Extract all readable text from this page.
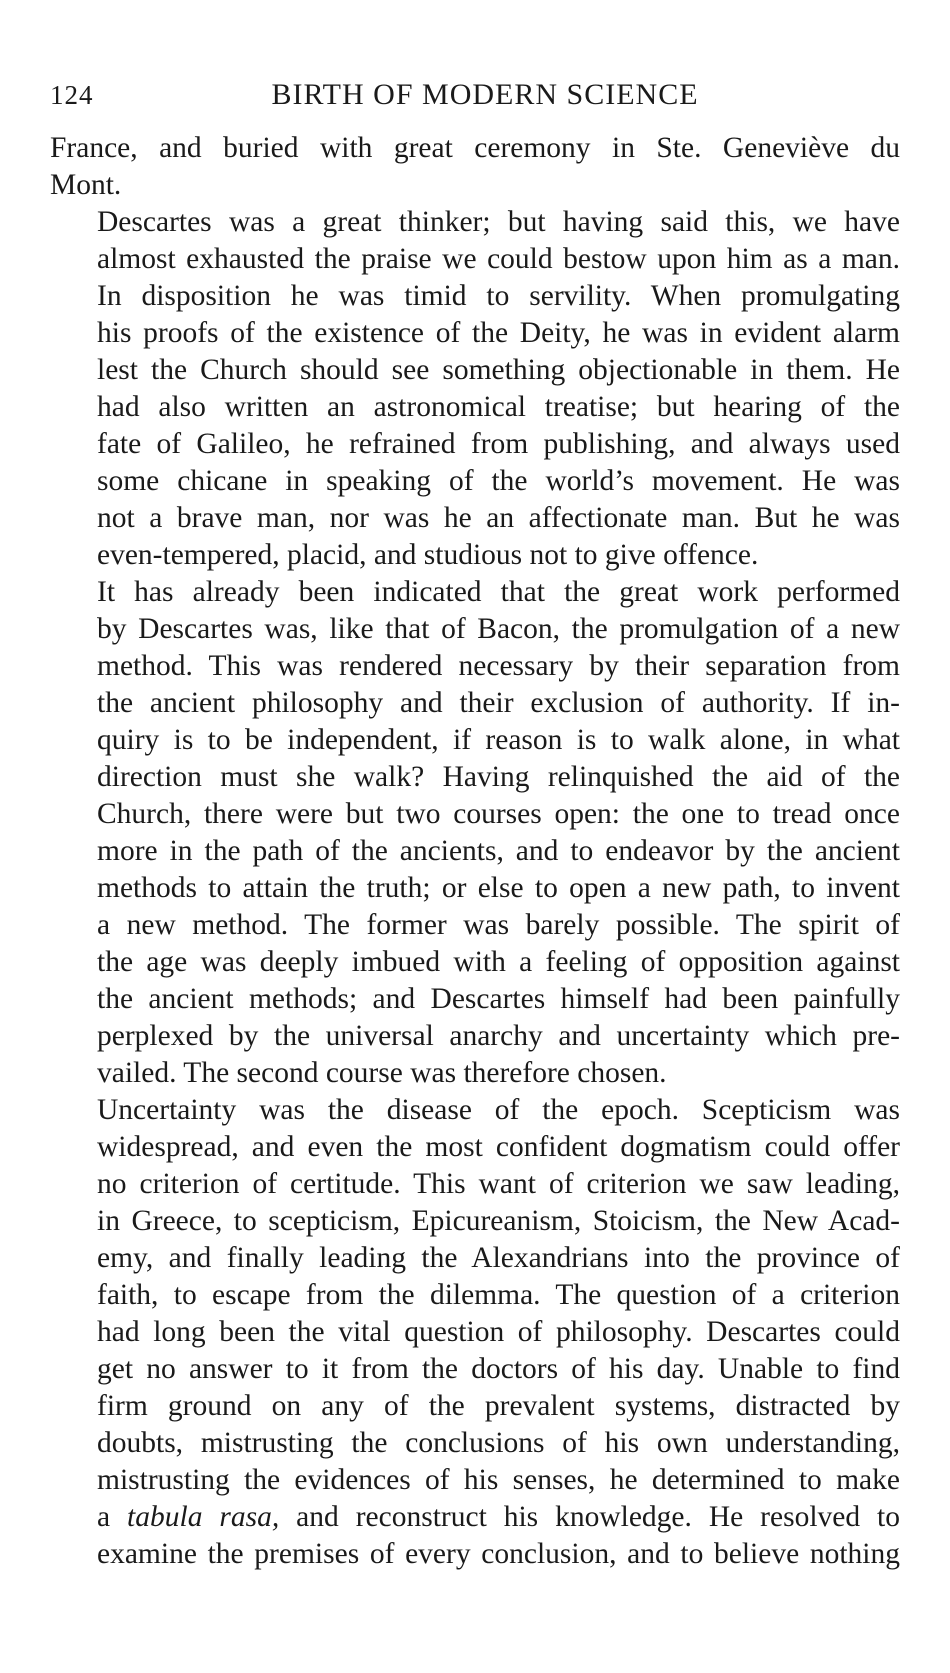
124	BIRTH OF MODERN SCIENCE

France, and buried with great ceremony in Ste. Geneviève du
Mont.

Descartes was a great thinker; but having said this, we have
almost exhausted the praise we could bestow upon him as a man.
In disposition he was timid to servility. When promulgating
his proofs of the existence of the Deity, he was in evident alarm
lest the Church should see something objectionable in them. He
had also written an astronomical treatise; but hearing of the
fate of Galileo, he refrained from publishing, and always used
some chicane in speaking of the world’s movement. He was
not a brave man, nor was he an affectionate man. But he was
even-tempered, placid, and studious not to give offence.

It has already been indicated that the great work performed
by Descartes was, like that of Bacon, the promulgation of a new
method. This was rendered necessary by their separation from
the ancient philosophy and their exclusion of authority. If in-
quiry is to be independent, if reason is to walk alone, in what
direction must she walk? Having relinquished the aid of the
Church, there were but two courses open: the one to tread once
more in the path of the ancients, and to endeavor by the ancient
methods to attain the truth; or else to open a new path, to invent
a new method. The former was barely possible. The spirit of
the age was deeply imbued with a feeling of opposition against
the ancient methods; and Descartes himself had been painfully
perplexed by the universal anarchy and uncertainty which pre-
vailed. The second course was therefore chosen.

Uncertainty was the disease of the epoch. Scepticism was
widespread, and even the most confident dogmatism could offer
no criterion of certitude. This want of criterion we saw leading,
in Greece, to scepticism, Epicureanism, Stoicism, the New Acad-
emy, and finally leading the Alexandrians into the province of
faith, to escape from the dilemma. The question of a criterion
had long been the vital question of philosophy. Descartes could
get no answer to it from the doctors of his day. Unable to find
firm ground on any of the prevalent systems, distracted by
doubts, mistrusting the conclusions of his own understanding,
mistrusting the evidences of his senses, he determined to make
a tabula rasa, and reconstruct his knowledge. He resolved to
examine the premises of every conclusion, and to believe nothing
